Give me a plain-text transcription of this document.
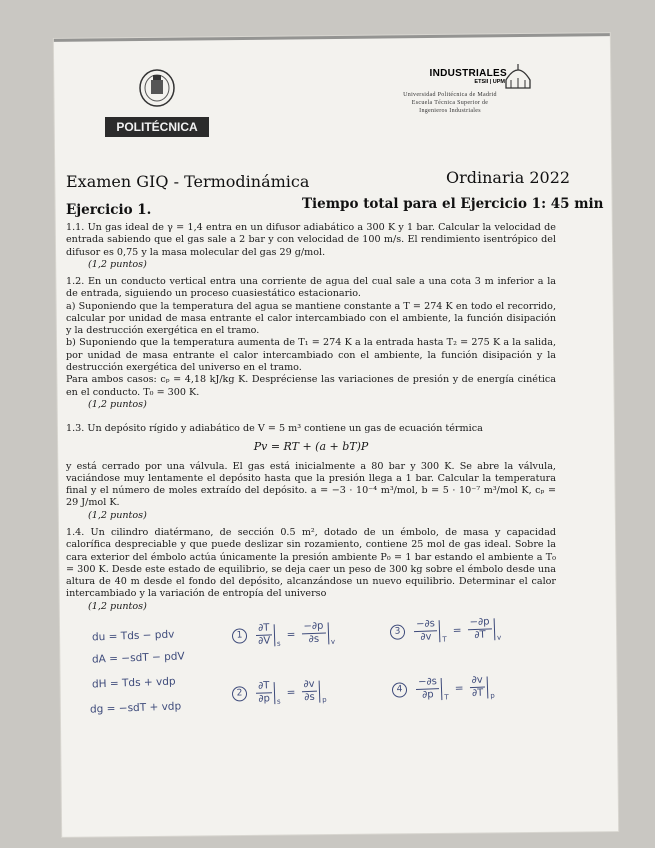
POLITÉCNICA
INDUSTRIALES
ETSII | UPM
Universidad Politécnica de Madrid
Escuela Técnica Superior de
Ingenieros Industriales
Examen GIQ - Termodinámica	Ordinaria 2022
Ejercicio 1.	Tiempo total para el Ejercicio 1: 45 min

1.1. Un gas ideal de γ = 1,4 entra en un difusor adiabático a 300 K y 1 bar. Calcular la velocidad de entrada sabiendo que el gas sale a 2 bar y con velocidad de 100 m/s. El rendimiento isentrópico del difusor es 0,75 y la masa molecular del gas 29 g/mol.

(1,2 puntos)

1.2. En un conducto vertical entra una corriente de agua del cual sale a una cota 3 m inferior a la de entrada, siguiendo un proceso cuasiestático estacionario.

a) Suponiendo que la temperatura del agua se mantiene constante a T = 274 K en todo el recorrido, calcular por unidad de masa entrante el calor intercambiado con el ambiente, la función disipación y la destrucción exergética en el tramo.

b) Suponiendo que la temperatura aumenta de T₁ = 274 K a la entrada hasta T₂ = 275 K a la salida, por unidad de masa entrante el calor intercambiado con el ambiente, la función disipación y la destrucción exergética del universo en el tramo.

Para ambos casos: cₚ = 4,18 kJ/kg K. Despréciense las variaciones de presión y de energía cinética en el conducto. T₀ = 300 K.

(1,2 puntos)

1.3. Un depósito rígido y adiabático de V = 5 m³ contiene un gas de ecuación térmica

Pv = RT + (a + bT)P

y está cerrado por una válvula. El gas está inicialmente a 80 bar y 300 K. Se abre la válvula, vaciándose muy lentamente el depósito hasta que la presión llega a 1 bar. Calcular la temperatura final y el número de moles extraído del depósito. a = −3 · 10⁻⁴ m³/mol, b = 5 · 10⁻⁷ m³/mol K, cₚ = 29 J/mol K.

(1,2 puntos)

1.4. Un cilindro diatérmano, de sección 0.5 m², dotado de un émbolo, de masa y capacidad calorífica despreciable y que puede deslizar sin rozamiento, contiene 25 mol de gas ideal. Sobre la cara exterior del émbolo actúa únicamente la presión ambiente P₀ = 1 bar estando el ambiente a T₀ = 300 K. Desde este estado de equilibrio, se deja caer un peso de 300 kg sobre el émbolo desde una altura de 40 m desde el fondo del depósito, alcanzándose un nuevo equilibrio. Determinar el calor intercambiado y la variación de entropía del universo

(1,2 puntos)

du = Tds − pdv
dA = −sdT − pdV
dH = Tds + vdp
dg = −sdT + vdp
$1 \frac{\partial T}{\partial V} _s = \frac{-\partial p}{\partial s} _v$
$2 \frac{\partial T}{\partial p} _s = \frac{\partial v}{\partial s} _p$
$3 \frac{-\partial s}{\partial v} _T = \frac{-\partial p}{\partial T} _v$
$4 \frac{-\partial s}{\partial p} _T = \frac{\partial v}{\partial T} _p$
